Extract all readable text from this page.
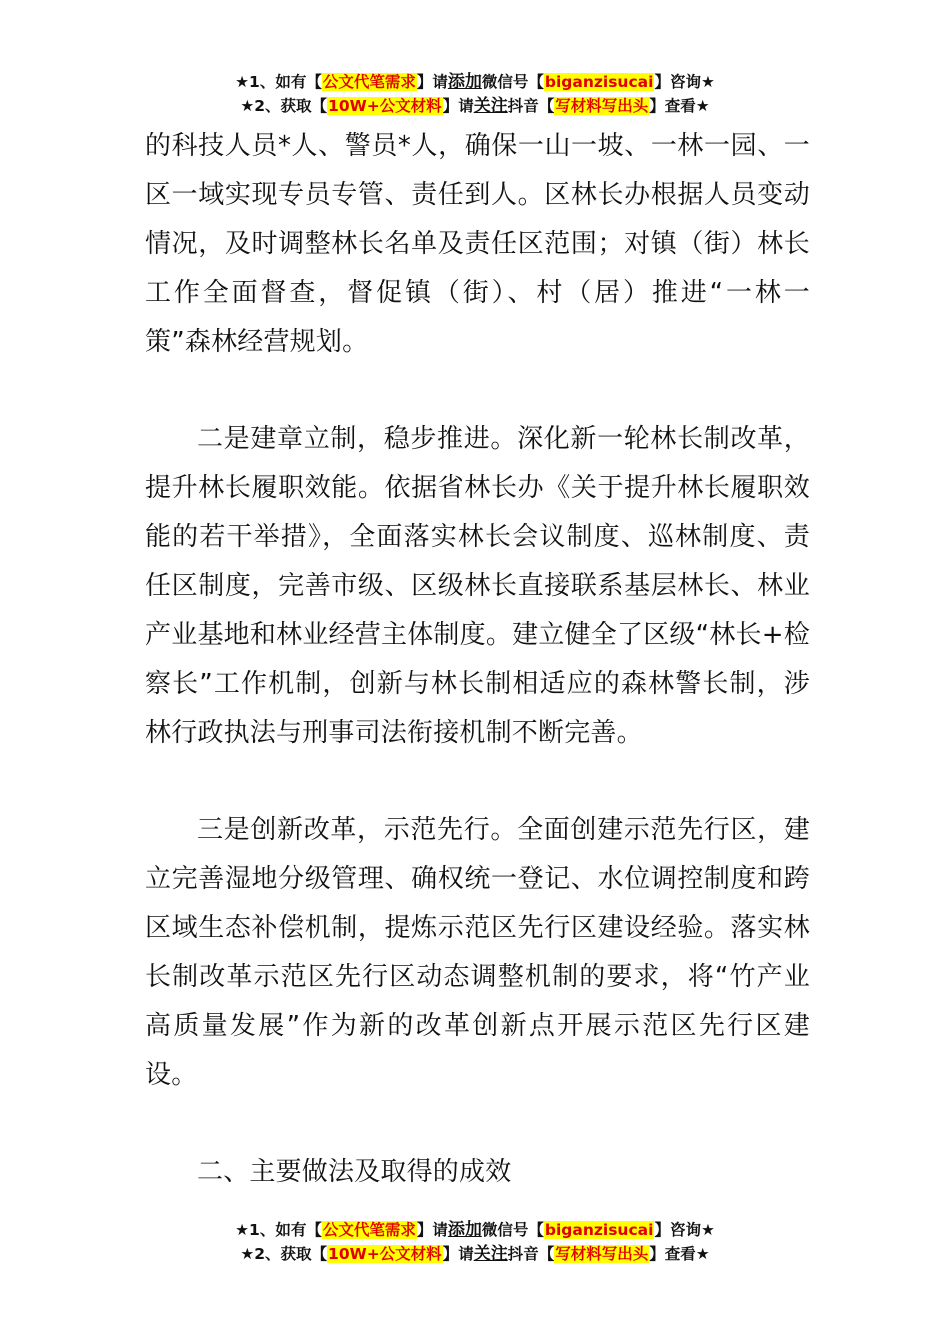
★1、如有【公文代笔需求】请添加微信号【biganzisucai】咨询★
★2、获取【10W+公文材料】请关注抖音【写材料写出头】查看★

的科技人员*人、警员*人，确保一山一坡、一林一园、一区一域实现专员专管、责任到人。区林长办根据人员变动情况，及时调整林长名单及责任区范围；对镇（街）林长工作全面督查，督促镇（街）、村（居）推进“一林一策”森林经营规划。

二是建章立制，稳步推进。深化新一轮林长制改革，提升林长履职效能。依据省林长办《关于提升林长履职效能的若干举措》，全面落实林长会议制度、巡林制度、责任区制度，完善市级、区级林长直接联系基层林长、林业产业基地和林业经营主体制度。建立健全了区级“林长+检察长”工作机制，创新与林长制相适应的森林警长制，涉林行政执法与刑事司法衔接机制不断完善。

三是创新改革，示范先行。全面创建示范先行区，建立完善湿地分级管理、确权统一登记、水位调控制度和跨区域生态补偿机制，提炼示范区先行区建设经验。落实林长制改革示范区先行区动态调整机制的要求，将“竹产业高质量发展”作为新的改革创新点开展示范区先行区建设。

二、主要做法及取得的成效

★1、如有【公文代笔需求】请添加微信号【biganzisucai】咨询★
★2、获取【10W+公文材料】请关注抖音【写材料写出头】查看★
